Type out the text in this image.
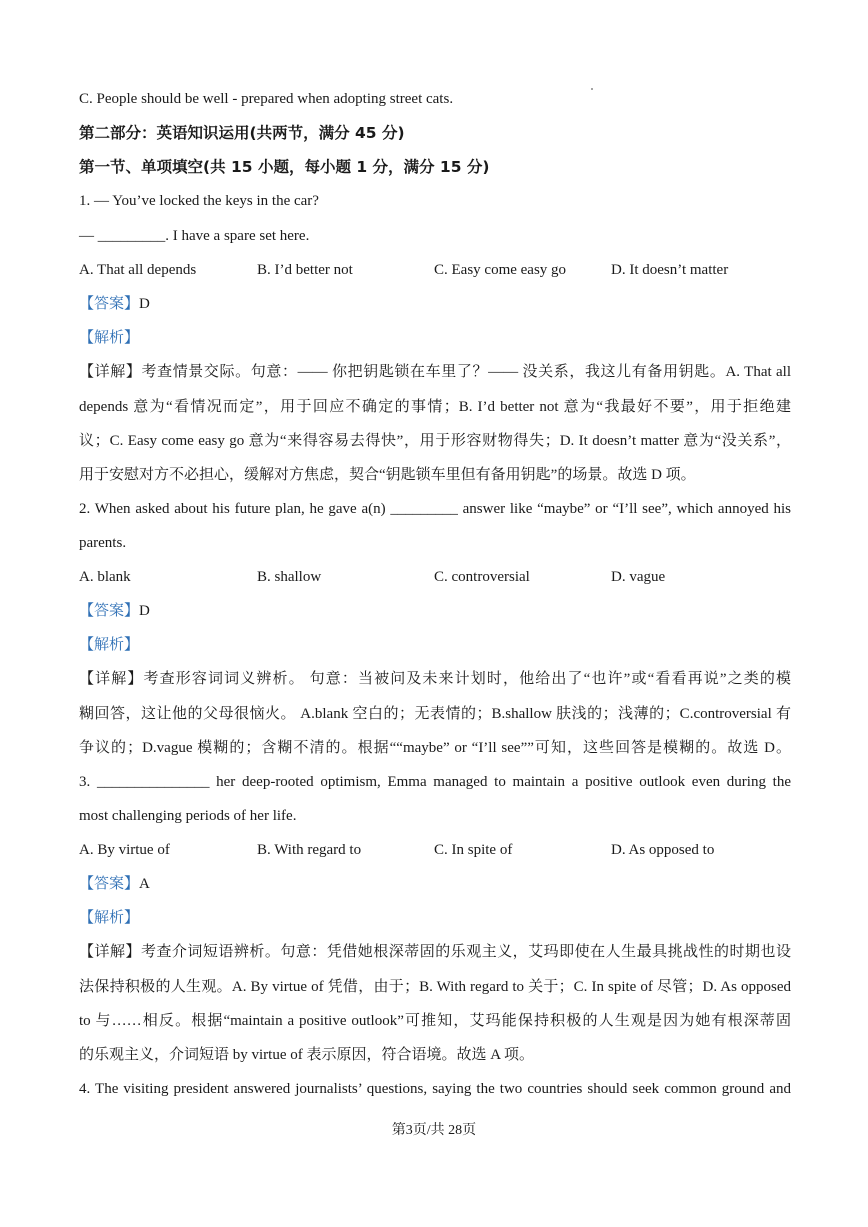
C. People should be well - prepared when adopting street cats.
第二部分：英语知识运用(共两节，满分 45 分)
第一节、单项填空(共 15 小题，每小题 1 分，满分 15 分)
1. — You’ve locked the keys in the car?
— _________. I have a spare set here.
A. That all depends	B. I’d better not	C. Easy come easy go	D. It doesn’t matter
【答案】D
【解析】
【详解】考查情景交际。句意：—— 你把钥匙锁在车里了？—— 没关系，我这儿有备用钥匙。A. That all
depends 意为“看情况而定”，用于回应不确定的事情；B. I’d better not 意为“我最好不要”，用于拒绝建
议；C. Easy come easy go 意为“来得容易去得快”，用于形容财物得失；D. It doesn’t matter 意为“没关系”，
用于安慰对方不必担心，缓解对方焦虑，契合“钥匙锁车里但有备用钥匙”的场景。故选 D 项。
2. When asked about his future plan, he gave a(n) _________ answer like “maybe” or “I’ll see”, which annoyed his
parents.
A. blank	B. shallow	C. controversial	D. vague
【答案】D
【解析】
【详解】考查形容词词义辨析。 句意：当被问及未来计划时，他给出了“也许”或“看看再说”之类的模
糊回答，这让他的父母很恼火。 A.blank 空白的；无表情的；B.shallow 肤浅的；浅薄的；C.controversial 有
争议的；D.vague 模糊的；含糊不清的。根据““maybe” or “I’ll see””可知，这些回答是模糊的。故选 D。
3. _______________ her deep-rooted optimism, Emma managed to maintain a positive outlook even during the
most challenging periods of her life.
A. By virtue of	B. With regard to	C. In spite of	D. As opposed to
【答案】A
【解析】
【详解】考查介词短语辨析。句意：凭借她根深蒂固的乐观主义，艾玛即使在人生最具挑战性的时期也设
法保持积极的人生观。A. By virtue of 凭借，由于；B. With regard to 关于；C. In spite of 尽管；D. As opposed
to 与……相反。根据“maintain a positive outlook”可推知，艾玛能保持积极的人生观是因为她有根深蒂固
的乐观主义，介词短语 by virtue of 表示原因，符合语境。故选 A 项。
4. The visiting president answered journalists’ questions, saying the two countries should seek common ground and
第3页/共 28页
